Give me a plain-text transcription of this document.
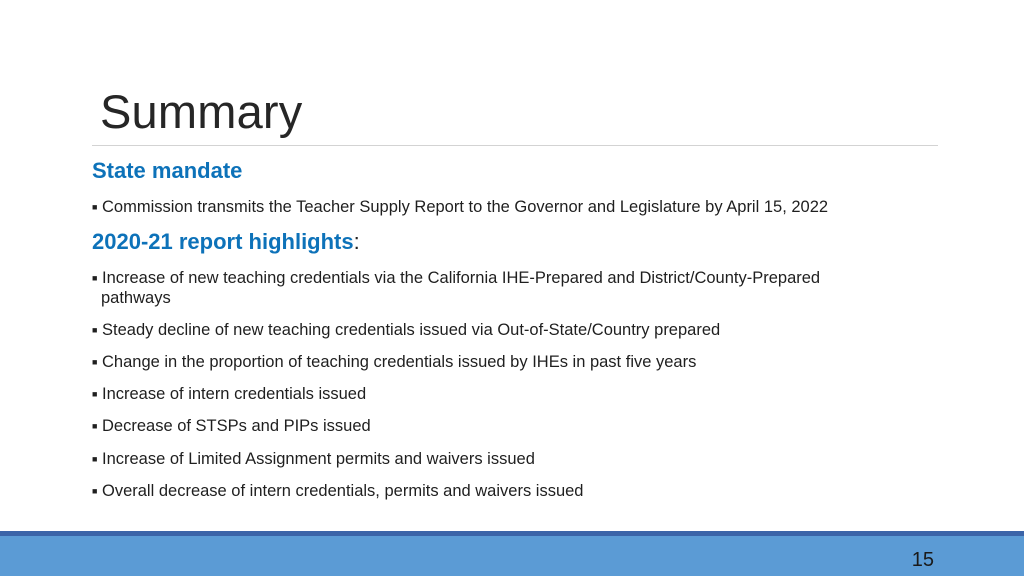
Summary
State mandate
■ Commission transmits the Teacher Supply Report to the Governor and Legislature by April 15, 2022
2020-21 report highlights:
■ Increase of new teaching credentials via the California IHE-Prepared and District/County-Prepared
pathways
■ Steady decline of new teaching credentials issued via Out-of-State/Country prepared
■ Change in the proportion of teaching credentials issued by IHEs in past five years
■ Increase of intern credentials issued
■ Decrease of STSPs and PIPs issued
■ Increase of Limited Assignment permits and waivers issued
■ Overall decrease of intern credentials, permits and waivers issued
15
